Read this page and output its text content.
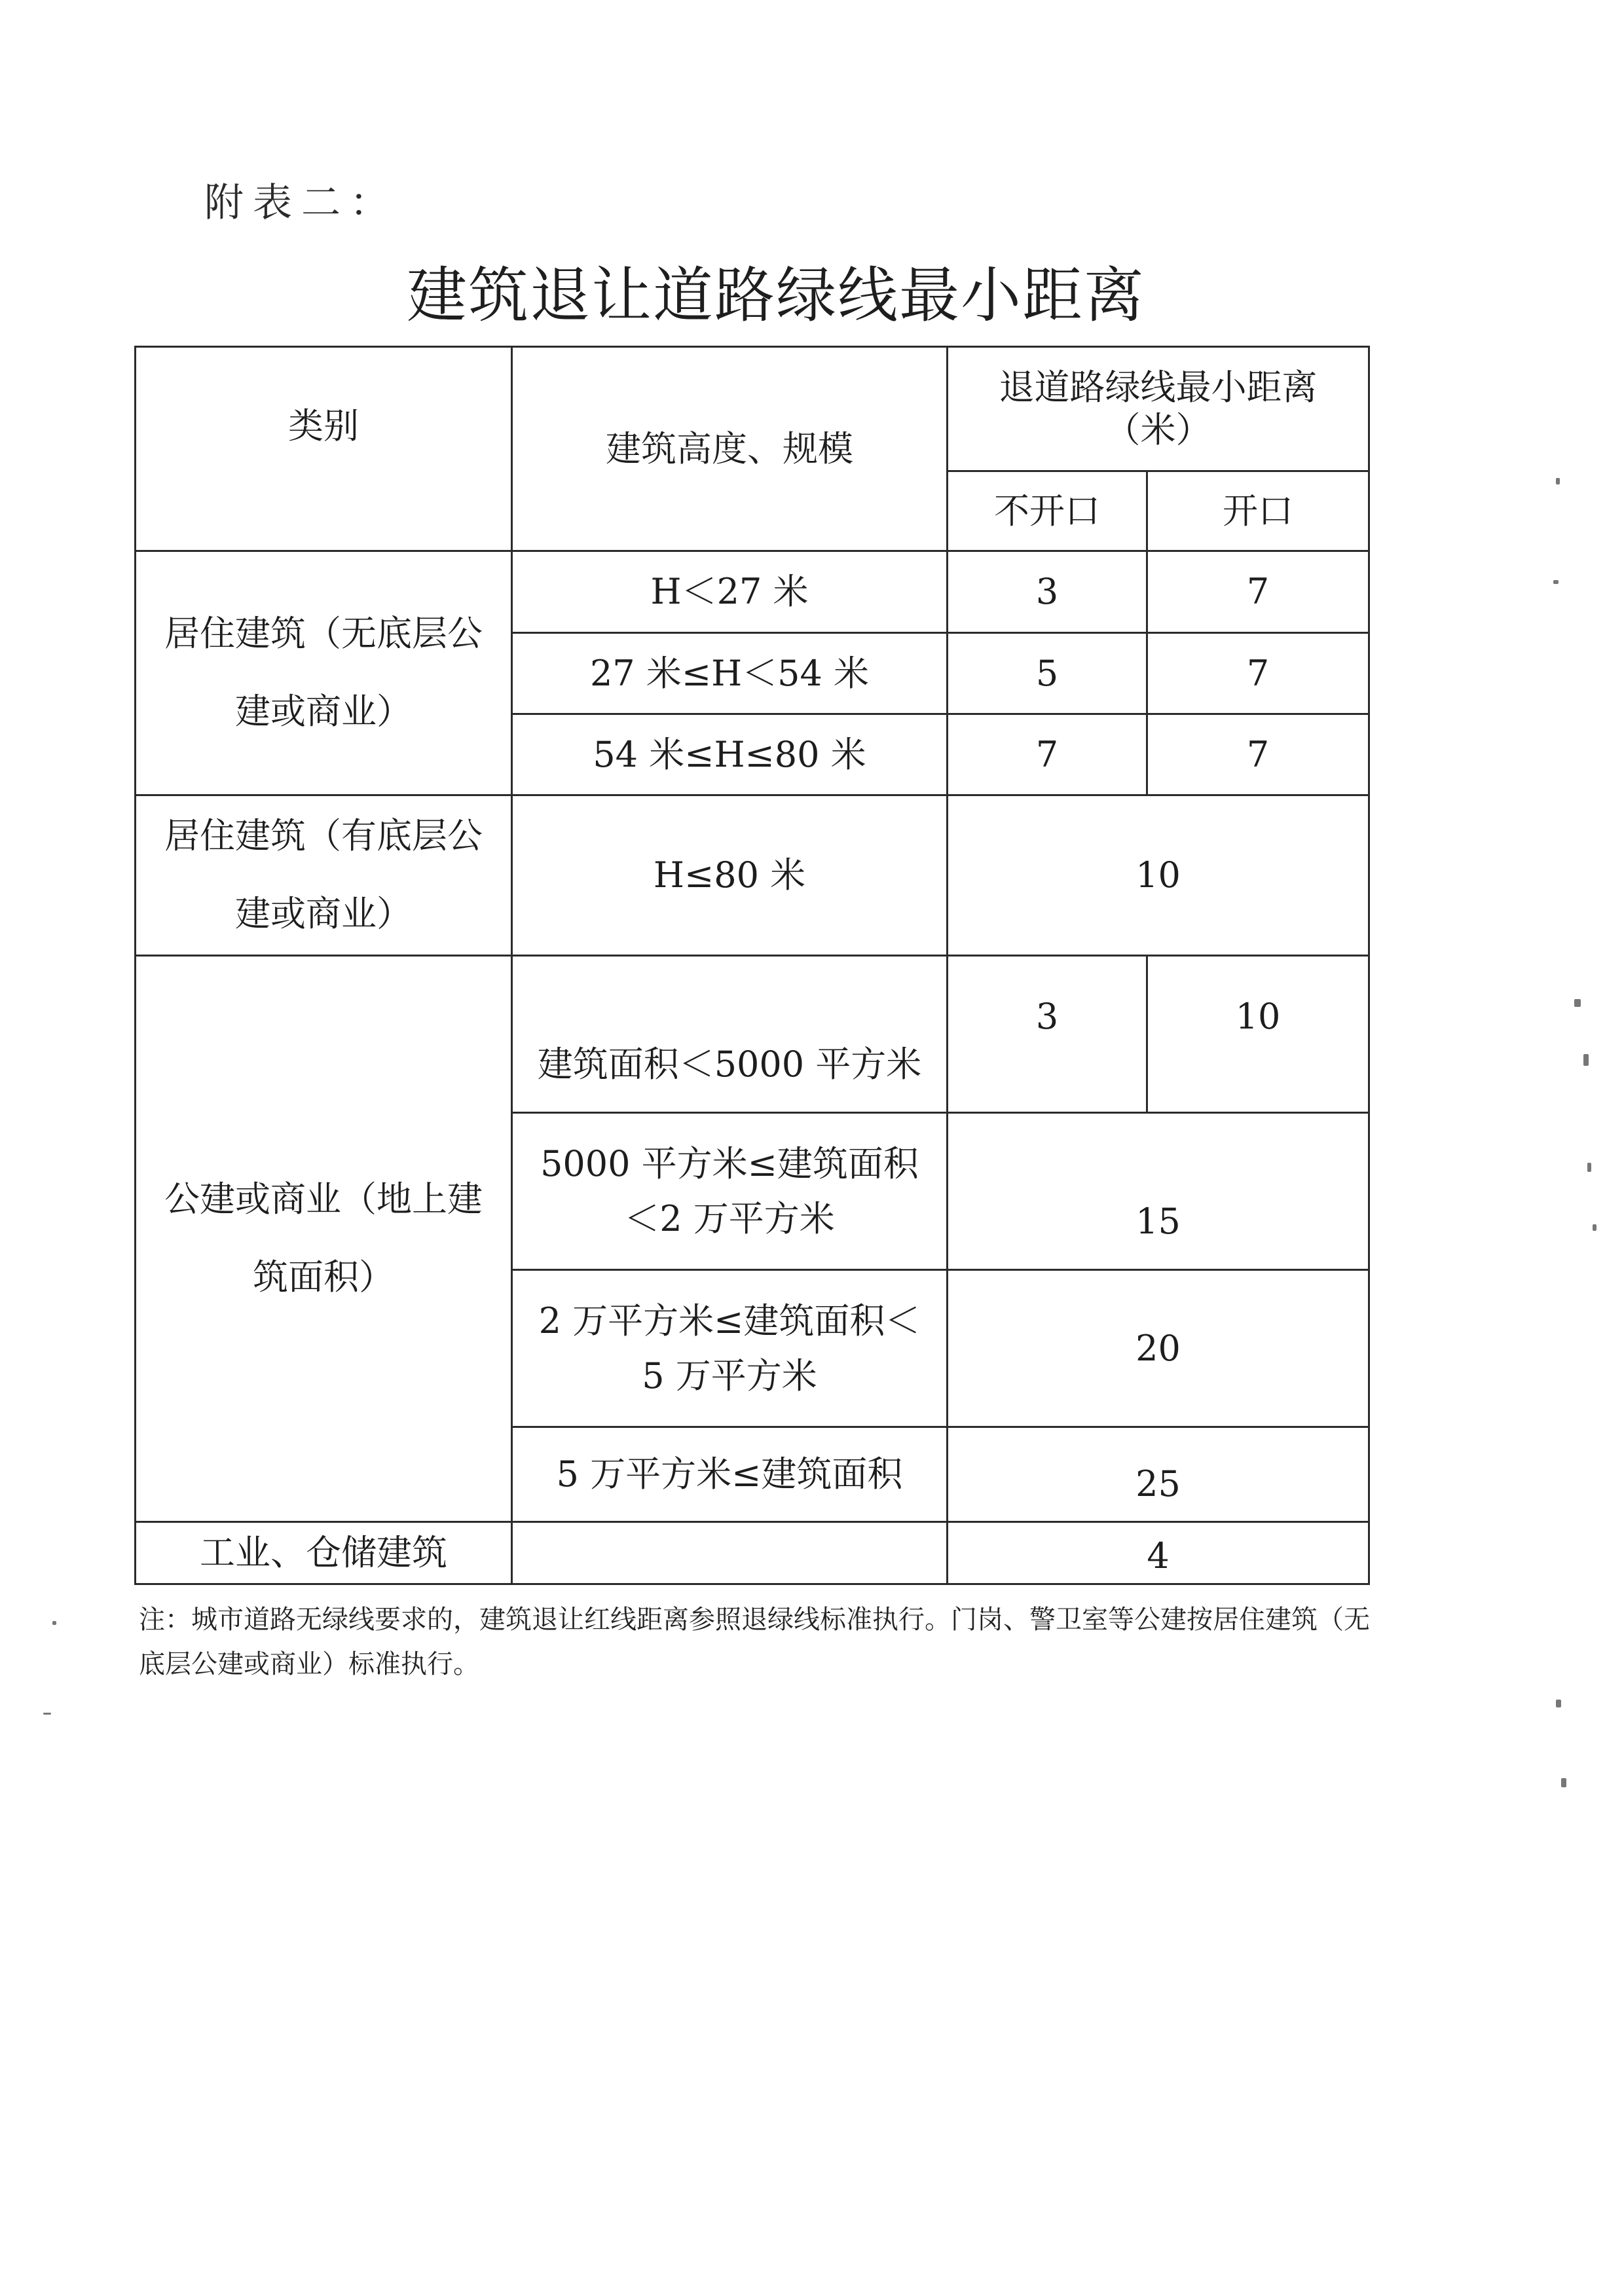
附表二：
建筑退让道路绿线最小距离
类别	建筑高度、规模	退道路绿线最小距离（米）	
		不开口	开口
居住建筑（无底层公建或商业）	H＜27 米	3	7
	27 米≤H＜54 米	5	7
	54 米≤H≤80 米	7	7
居住建筑（有底层公建或商业）	H≤80 米	10	
公建或商业（地上建筑面积）	建筑面积＜5000 平方米	3	10
	5000 平方米≤建筑面积＜2 万平方米	15	
	2 万平方米≤建筑面积＜5 万平方米	20	
	5 万平方米≤建筑面积	25	
工业、仓储建筑		4	
注：城市道路无绿线要求的，建筑退让红线距离参照退绿线标准执行。门岗、警卫室等公建按居住建筑（无底层公建或商业）标准执行。
